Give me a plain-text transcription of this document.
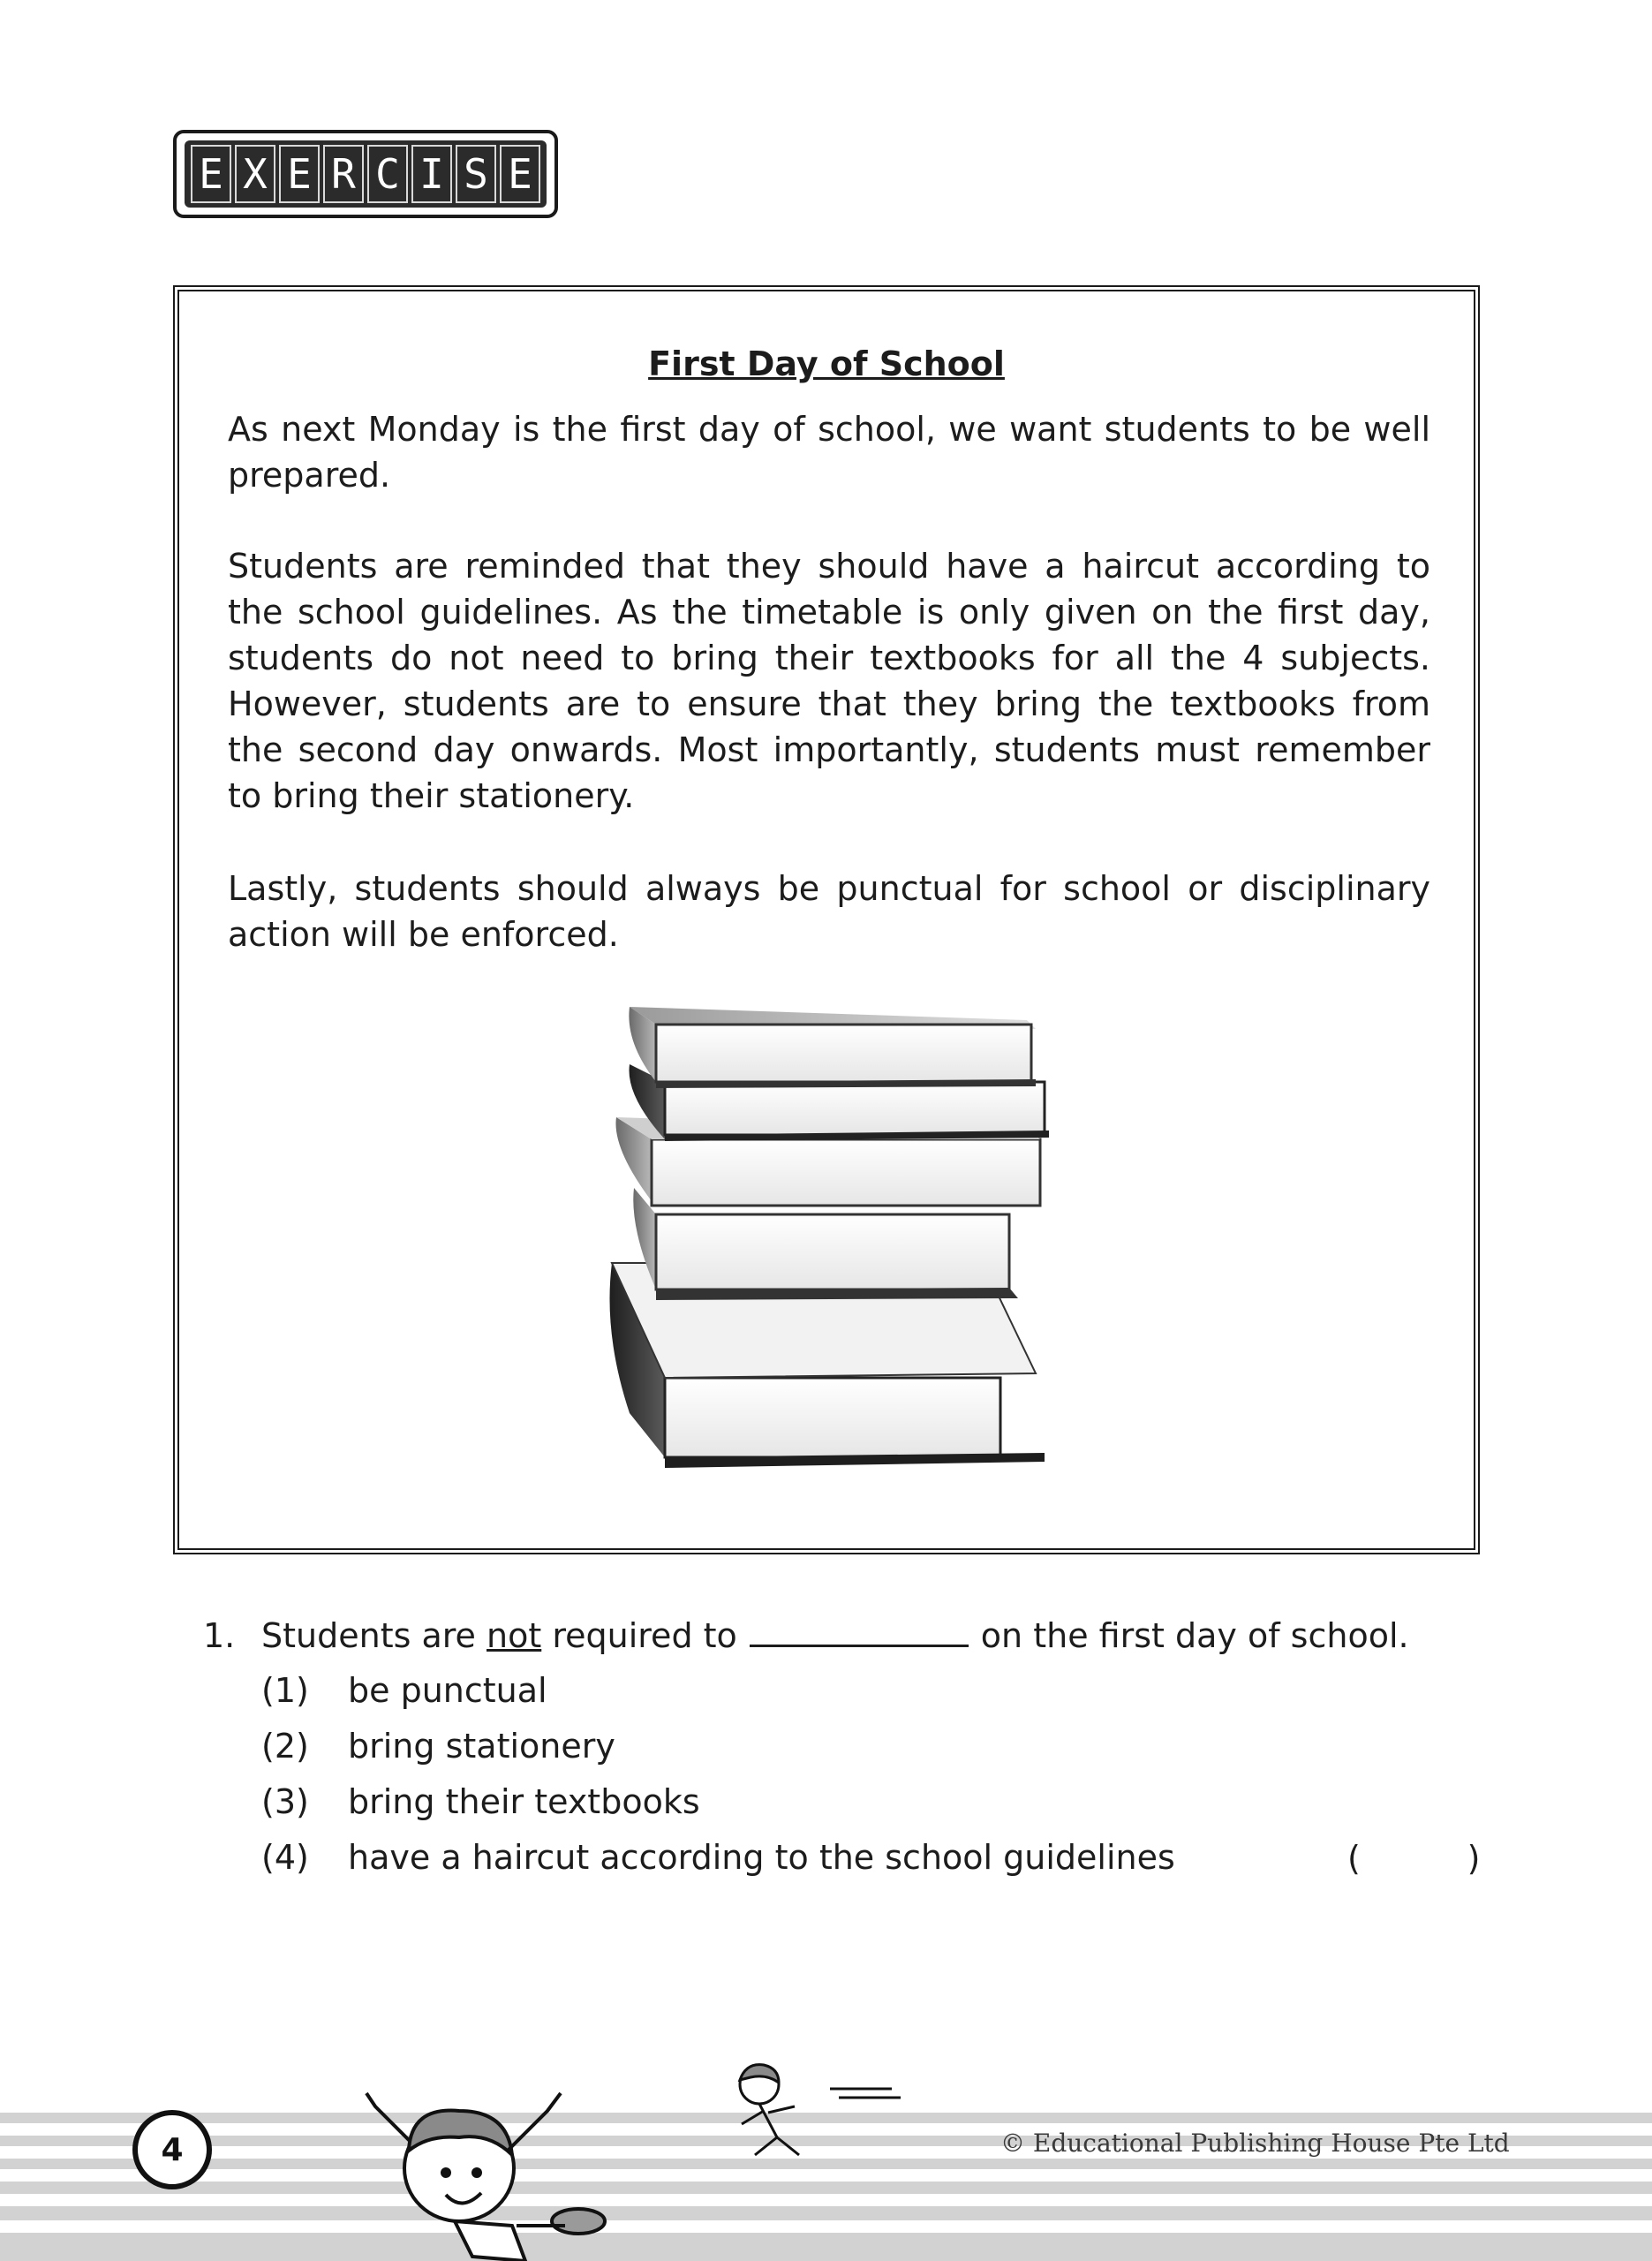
E X E R C I S E
First Day of School

As next Monday is the first day of school, we want students to be well prepared.

Students are reminded that they should have a haircut according to the school guidelines. As the timetable is only given on the first day, students do not need to bring their textbooks for all the 4 subjects. However, students are to ensure that they bring the textbooks from the second day onwards. Most importantly, students must remember to bring their stationery.

Lastly, students should always be punctual for school or disciplinary action will be enforced.

1. Students are
not
required to	on the first day of school.
(1) be punctual
(2) bring stationery
(3) bring their textbooks
(4) have a haircut according to the school guidelines	(          )
4	© Educational Publishing House Pte Ltd
